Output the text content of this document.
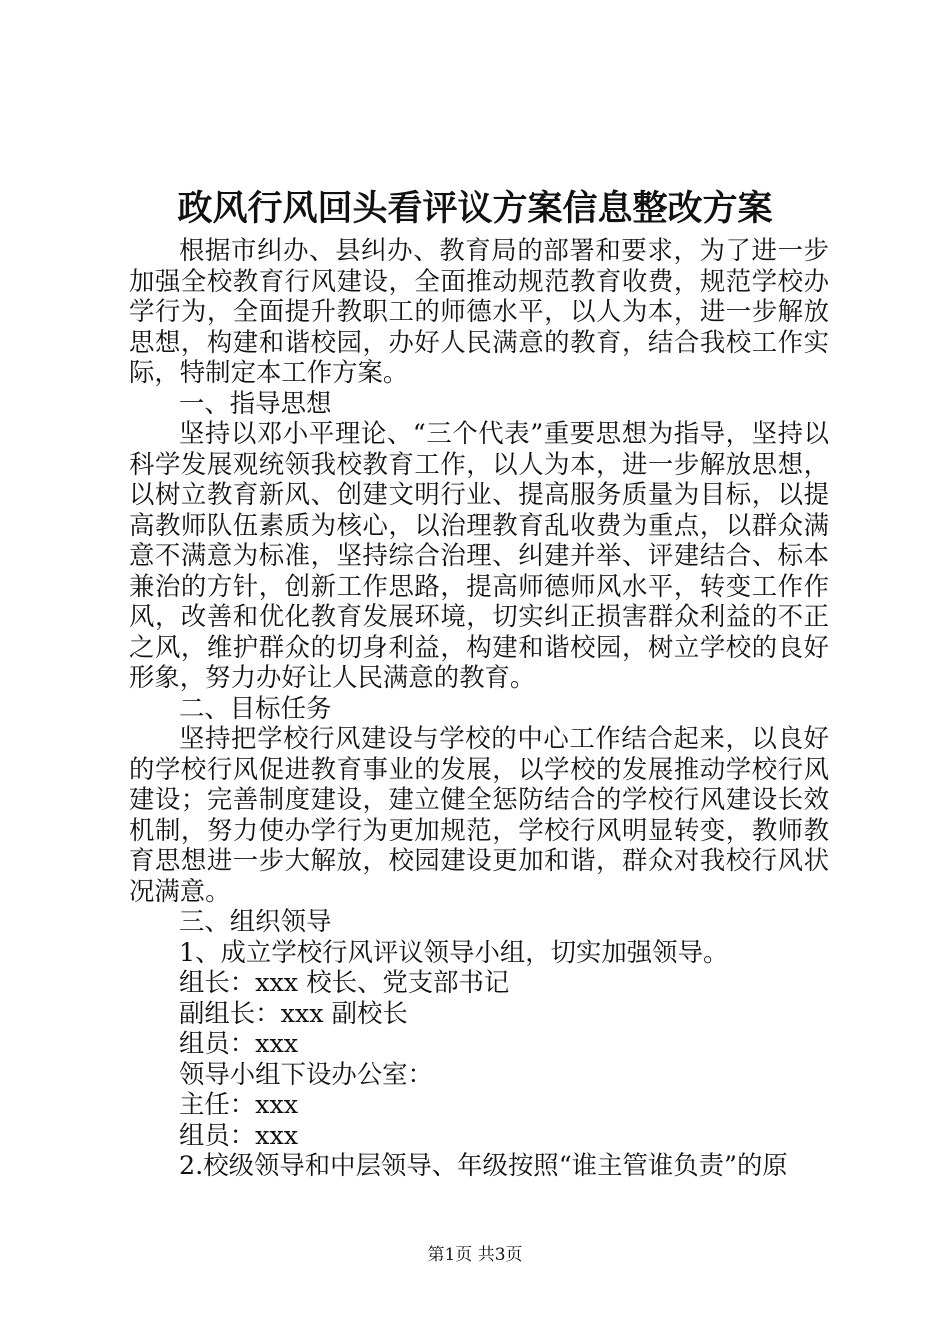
政风行风回头看评议方案信息整改方案

根据市纠办、县纠办、教育局的部署和要求，为了进一步加强全校教育行风建设，全面推动规范教育收费，规范学校办学行为，全面提升教职工的师德水平，以人为本，进一步解放思想，构建和谐校园，办好人民满意的教育，结合我校工作实际，特制定本工作方案。

一、指导思想

坚持以邓小平理论、“三个代表”重要思想为指导，坚持以科学发展观统领我校教育工作，以人为本，进一步解放思想，以树立教育新风、创建文明行业、提高服务质量为目标，以提高教师队伍素质为核心，以治理教育乱收费为重点，以群众满意不满意为标准，坚持综合治理、纠建并举、评建结合、标本兼治的方针，创新工作思路，提高师德师风水平，转变工作作风，改善和优化教育发展环境，切实纠正损害群众利益的不正之风，维护群众的切身利益，构建和谐校园，树立学校的良好形象，努力办好让人民满意的教育。

二、目标任务

坚持把学校行风建设与学校的中心工作结合起来，以良好的学校行风促进教育事业的发展，以学校的发展推动学校行风建设；完善制度建设，建立健全惩防结合的学校行风建设长效机制，努力使办学行为更加规范，学校行风明显转变，教师教育思想进一步大解放，校园建设更加和谐，群众对我校行风状况满意。

三、组织领导

1、成立学校行风评议领导小组，切实加强领导。

组长：xxx 校长、党支部书记

副组长：xxx 副校长

组员：xxx

领导小组下设办公室：

主任：xxx

组员：xxx

2.校级领导和中层领导、年级按照“谁主管谁负责”的原

第1页 共3页
